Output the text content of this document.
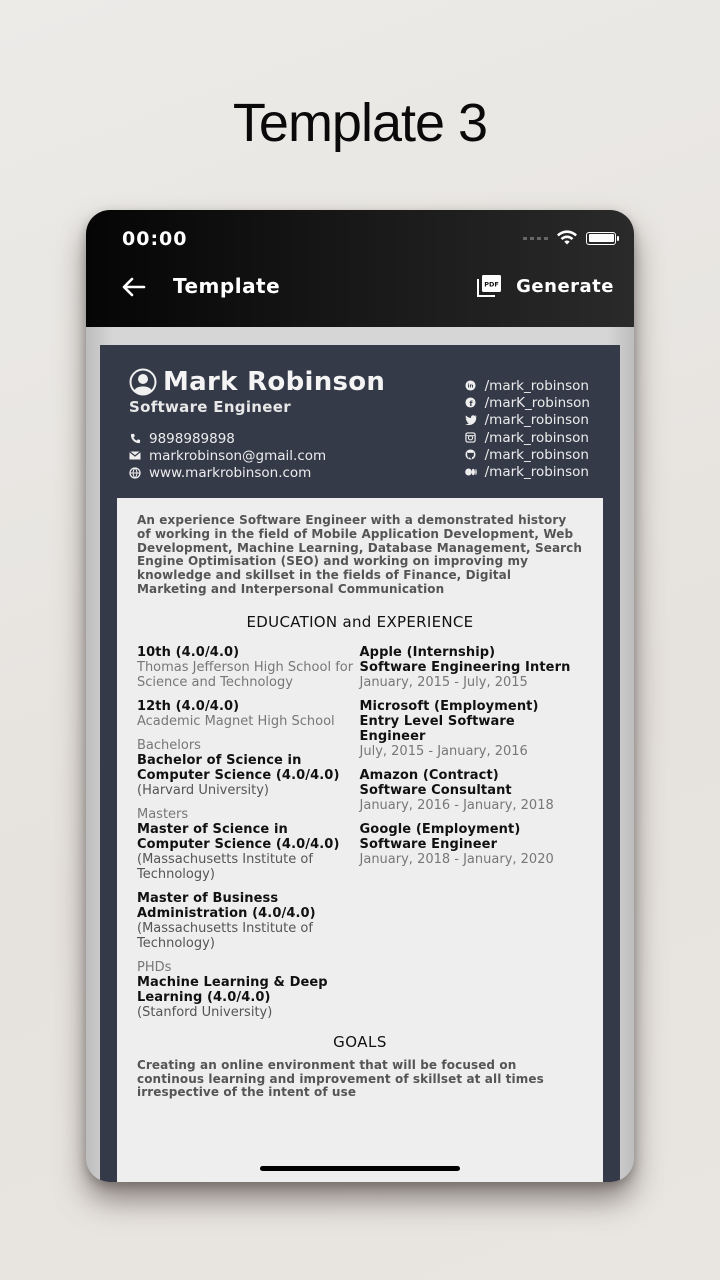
Template 3
00:00
Template	PDF Generate
Mark Robinson
Software Engineer
9898989898
markrobinson@gmail.com
www.markrobinson.com
in /mark_robinson
f /marK_robinson
/mark_robinson
/mark_robinson
/mark_robinson
/mark_robinson

An experience Software Engineer with a demonstrated history of working in the field of Mobile Application Development, Web Development, Machine Learning, Database Management, Search Engine Optimisation (SEO) and working on improving my knowledge and skillset in the fields of Finance, Digital Marketing and Interpersonal Communication

EDUCATION and EXPERIENCE
10th (4.0/4.0)
Thomas Jefferson High School for Science and Technology
12th (4.0/4.0)
Academic Magnet High School
Bachelors
Bachelor of Science in Computer Science (4.0/4.0)
(Harvard University)
Masters
Master of Science in Computer Science (4.0/4.0)
(Massachusetts Institute of Technology)
Master of Business Administration (4.0/4.0)
(Massachusetts Institute of Technology)
PHDs
Machine Learning & Deep Learning (4.0/4.0)
(Stanford University)
Apple (Internship)
Software Engineering Intern
January, 2015 - July, 2015
Microsoft (Employment)
Entry Level Software Engineer
July, 2015 - January, 2016
Amazon (Contract)
Software Consultant
January, 2016 - January, 2018
Google (Employment)
Software Engineer
January, 2018 - January, 2020
GOALS

Creating an online environment that will be focused on continous learning and improvement of skillset at all times irrespective of the intent of use
